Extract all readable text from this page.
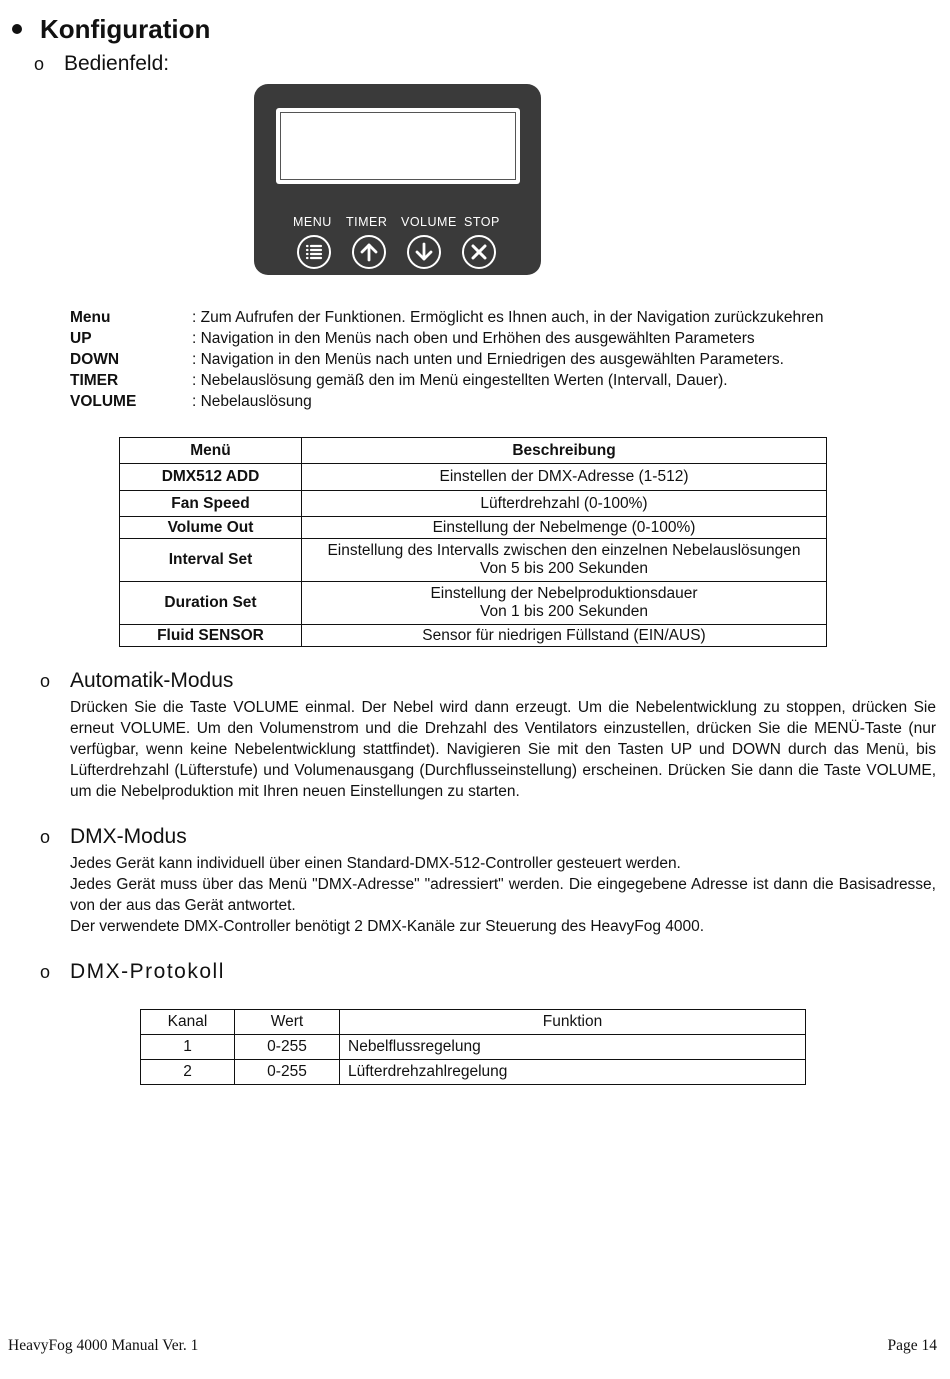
Konfiguration
o Bedienfeld:
MENU TIMER VOLUME STOP
Menu	: Zum Aufrufen der Funktionen. Ermöglicht es Ihnen auch, in der Navigation zurückzukehren
UP	: Navigation in den Menüs nach oben und Erhöhen des ausgewählten Parameters
DOWN	: Navigation in den Menüs nach unten und Erniedrigen des ausgewählten Parameters.
TIMER	: Nebelauslösung gemäß den im Menü eingestellten Werten (Intervall, Dauer).
VOLUME	: Nebelauslösung
Menü	Beschreibung
DMX512 ADD	Einstellen der DMX-Adresse (1-512)
Fan Speed	Lüfterdrehzahl (0-100%)
Volume Out	Einstellung der Nebelmenge (0-100%)
Interval Set	Einstellung des Intervalls zwischen den einzelnen Nebelauslösungen
Von 5 bis 200 Sekunden

Duration Set	Einstellung der Nebelproduktionsdauer
Von 1 bis 200 Sekunden

Fluid SENSOR	Sensor für niedrigen Füllstand (EIN/AUS)
o Automatik-Modus
Drücken Sie die Taste VOLUME einmal. Der Nebel wird dann erzeugt. Um die Nebelentwicklung zu stoppen, drücken Sie erneut VOLUME. Um den Volumenstrom und die Drehzahl des Ventilators einzustellen, drücken Sie die MENÜ-Taste (nur verfügbar, wenn keine Nebelentwicklung stattfindet). Navigieren Sie mit den Tasten UP und DOWN durch das Menü, bis Lüfterdrehzahl (Lüfterstufe) und Volumenausgang (Durchflusseinstellung) erscheinen. Drücken Sie dann die Taste VOLUME, um die Nebelproduktion mit Ihren neuen Einstellungen zu starten.
o DMX-Modus
Jedes Gerät kann individuell über einen Standard-DMX-512-Controller gesteuert werden.
Jedes Gerät muss über das Menü "DMX-Adresse" "adressiert" werden. Die eingegebene Adresse ist dann die Basisadresse, von der aus das Gerät antwortet.
Der verwendete DMX-Controller benötigt 2 DMX-Kanäle zur Steuerung des HeavyFog 4000.
o DMX-Protokoll
Kanal	Wert	Funktion
1	0-255	Nebelflussregelung
2	0-255	Lüfterdrehzahlregelung
HeavyFog 4000 Manual Ver. 1	Page 14
